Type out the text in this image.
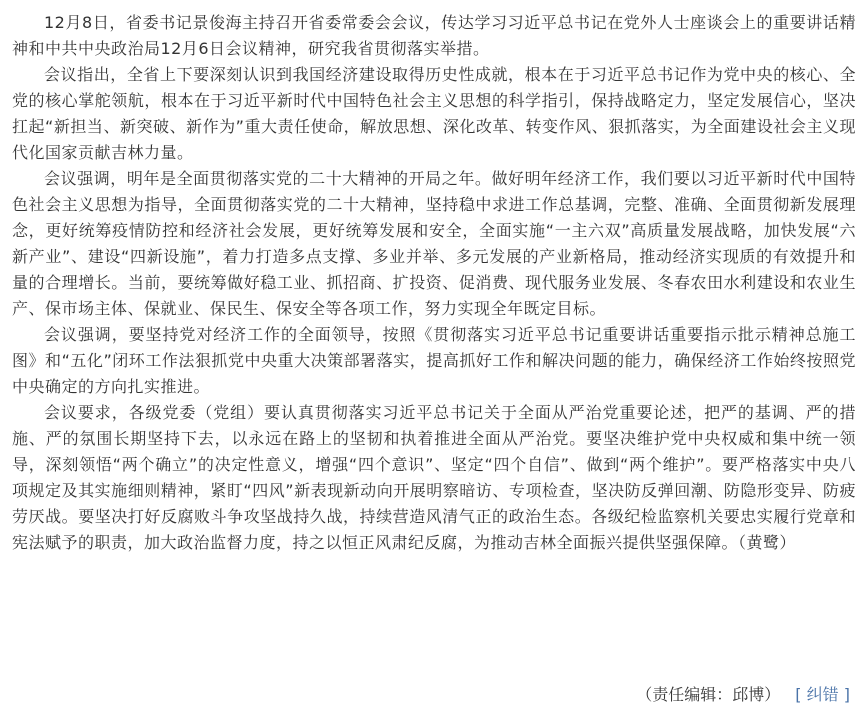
12月8日，省委书记景俊海主持召开省委常委会会议，传达学习习近平总书记在党外人士座谈会上的重要讲话精神和中共中央政治局12月6日会议精神，研究我省贯彻落实举措。

会议指出，全省上下要深刻认识到我国经济建设取得历史性成就，根本在于习近平总书记作为党中央的核心、全党的核心掌舵领航，根本在于习近平新时代中国特色社会主义思想的科学指引，保持战略定力，坚定发展信心，坚决扛起“新担当、新突破、新作为”重大责任使命，解放思想、深化改革、转变作风、狠抓落实，为全面建设社会主义现代化国家贡献吉林力量。

会议强调，明年是全面贯彻落实党的二十大精神的开局之年。做好明年经济工作，我们要以习近平新时代中国特色社会主义思想为指导，全面贯彻落实党的二十大精神，坚持稳中求进工作总基调，完整、准确、全面贯彻新发展理念，更好统筹疫情防控和经济社会发展，更好统筹发展和安全，全面实施“一主六双”高质量发展战略，加快发展“六新产业”、建设“四新设施”，着力打造多点支撑、多业并举、多元发展的产业新格局，推动经济实现质的有效提升和量的合理增长。当前，要统筹做好稳工业、抓招商、扩投资、促消费、现代服务业发展、冬春农田水利建设和农业生产、保市场主体、保就业、保民生、保安全等各项工作，努力实现全年既定目标。

会议强调，要坚持党对经济工作的全面领导，按照《贯彻落实习近平总书记重要讲话重要指示批示精神总施工图》和“五化”闭环工作法狠抓党中央重大决策部署落实，提高抓好工作和解决问题的能力，确保经济工作始终按照党中央确定的方向扎实推进。

会议要求，各级党委（党组）要认真贯彻落实习近平总书记关于全面从严治党重要论述，把严的基调、严的措施、严的氛围长期坚持下去，以永远在路上的坚韧和执着推进全面从严治党。要坚决维护党中央权威和集中统一领导，深刻领悟“两个确立”的决定性意义，增强“四个意识”、坚定“四个自信”、做到“两个维护”。要严格落实中央八项规定及其实施细则精神，紧盯“四风”新表现新动向开展明察暗访、专项检查，坚决防反弹回潮、防隐形变异、防疲劳厌战。要坚决打好反腐败斗争攻坚战持久战，持续营造风清气正的政治生态。各级纪检监察机关要忠实履行党章和宪法赋予的职责，加大政治监督力度，持之以恒正风肃纪反腐，为推动吉林全面振兴提供坚强保障。（黄鹭）

（责任编辑：邱博） [ 纠错 ]
